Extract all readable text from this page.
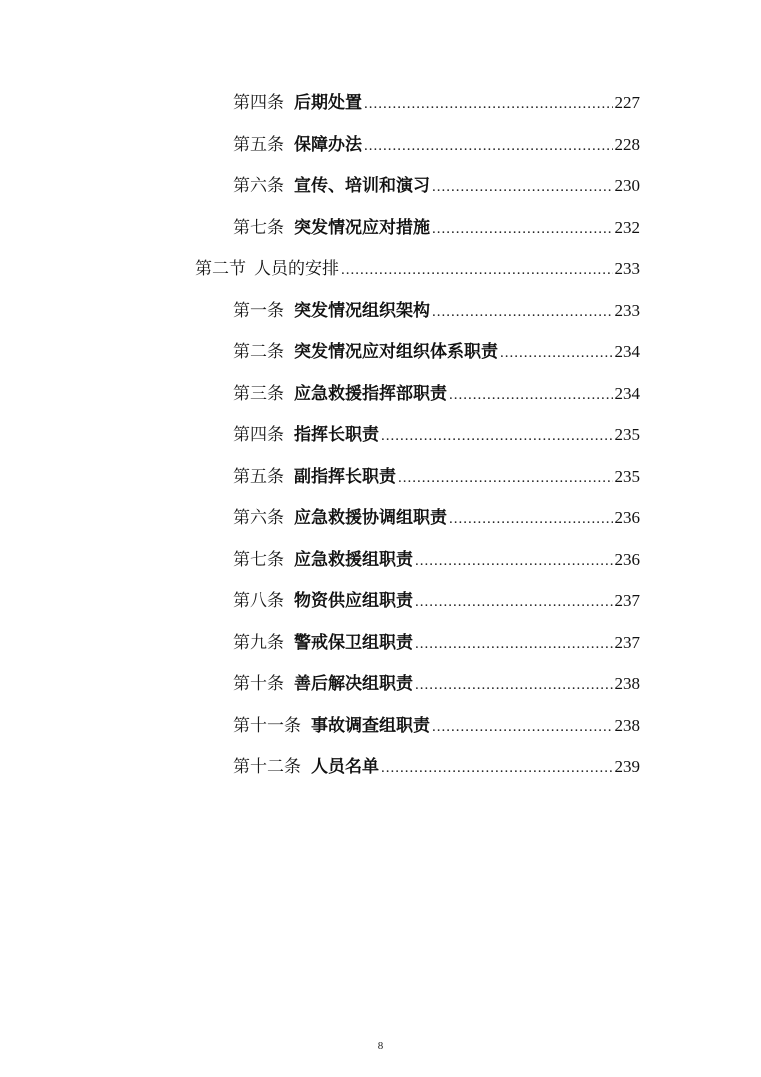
第四条 后期处置 .....	227
第五条 保障办法 .....	228
第六条 宣传、培训和演习 .....	230
第七条 突发情况应对措施 .....	232
第二节 人员的安排 .....	233
第一条 突发情况组织架构 .....	233
第二条 突发情况应对组织体系职责 .....	234
第三条 应急救援指挥部职责 .....	234
第四条 指挥长职责 .....	235
第五条 副指挥长职责 .....	235
第六条 应急救援协调组职责 .....	236
第七条 应急救援组职责 .....	236
第八条 物资供应组职责 .....	237
第九条 警戒保卫组职责 .....	237
第十条 善后解决组职责 .....	238
第十一条 事故调查组职责 .....	238
第十二条 人员名单 .....	239
8
